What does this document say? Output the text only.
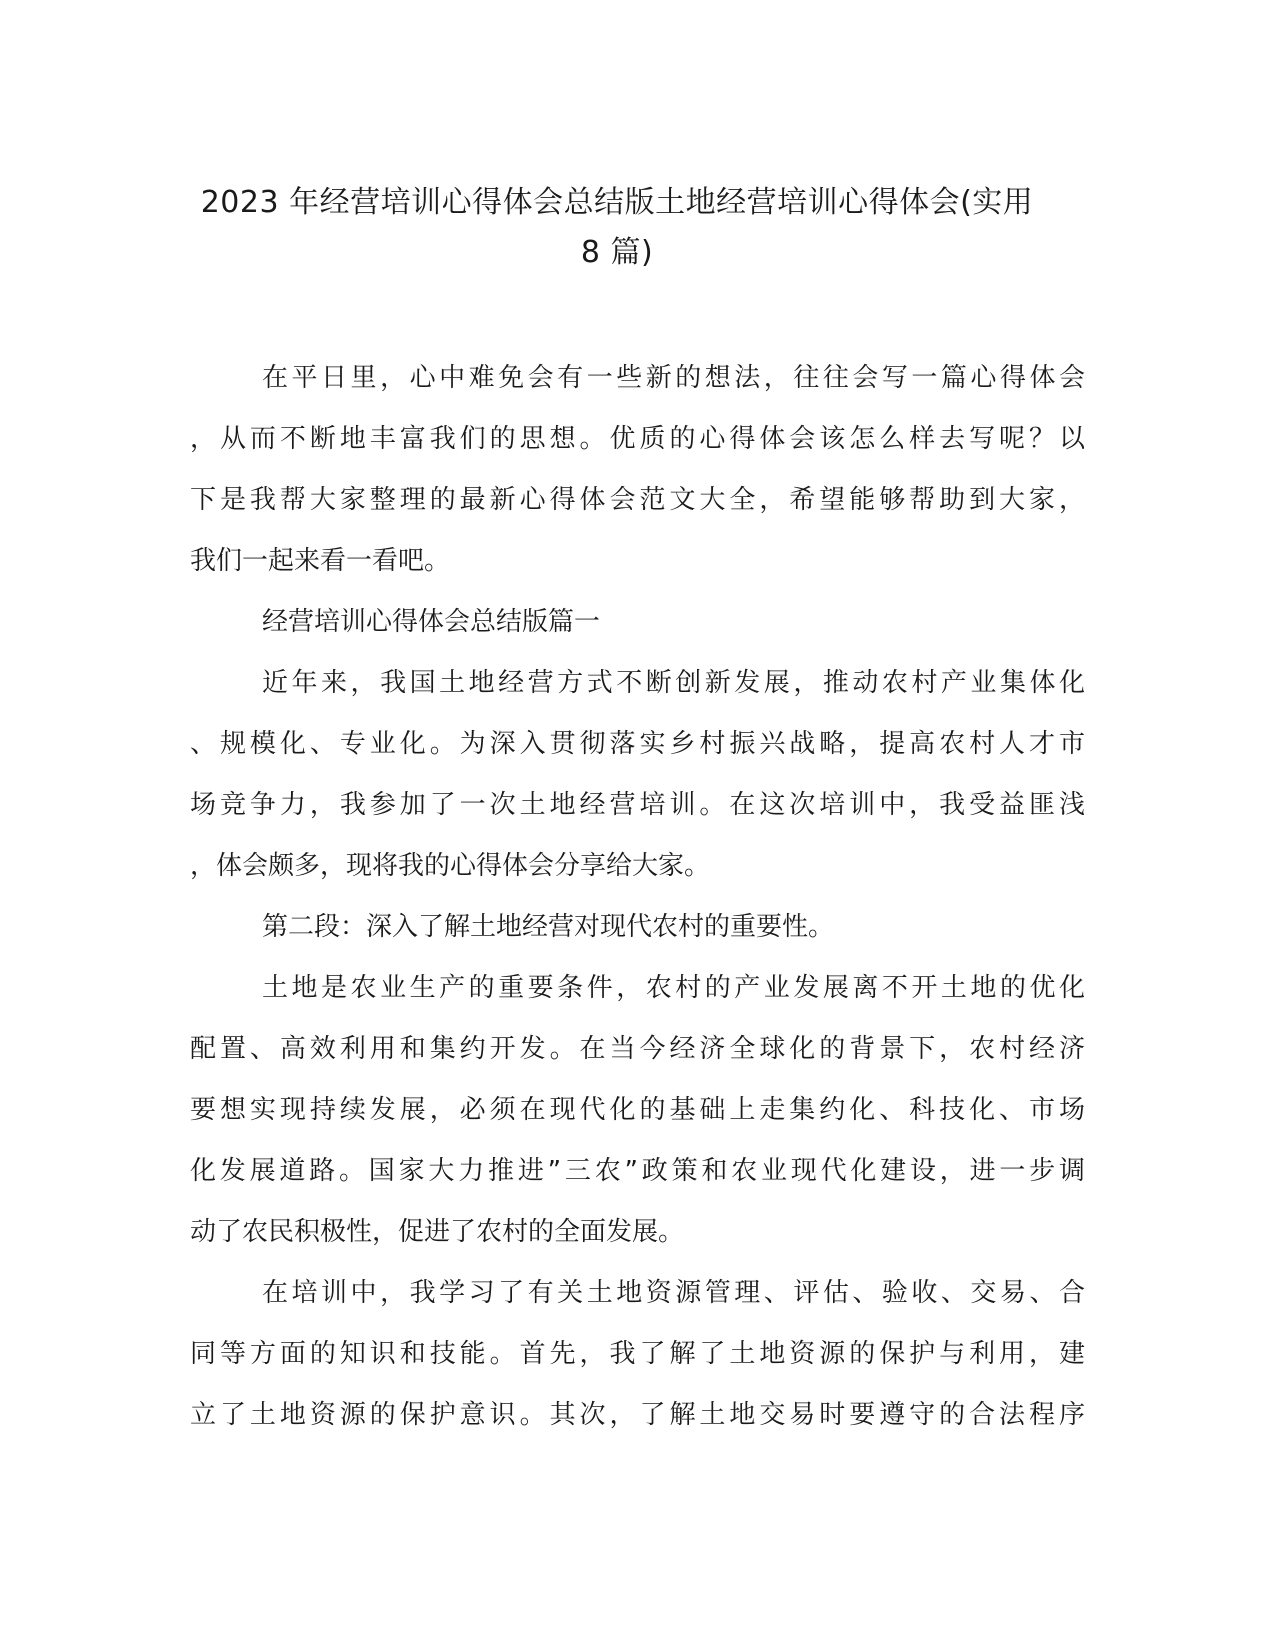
2023 年经营培训心得体会总结版土地经营培训心得体会(实用
8 篇)

在平日里，心中难免会有一些新的想法，往往会写一篇心得体会

，从而不断地丰富我们的思想。优质的心得体会该怎么样去写呢？以

下是我帮大家整理的最新心得体会范文大全，希望能够帮助到大家，

我们一起来看一看吧。

经营培训心得体会总结版篇一

近年来，我国土地经营方式不断创新发展，推动农村产业集体化

、规模化、专业化。为深入贯彻落实乡村振兴战略，提高农村人才市

场竞争力，我参加了一次土地经营培训。在这次培训中，我受益匪浅

，体会颇多，现将我的心得体会分享给大家。

第二段：深入了解土地经营对现代农村的重要性。

土地是农业生产的重要条件，农村的产业发展离不开土地的优化

配置、高效利用和集约开发。在当今经济全球化的背景下，农村经济

要想实现持续发展，必须在现代化的基础上走集约化、科技化、市场

化发展道路。国家大力推进”三农”政策和农业现代化建设，进一步调

动了农民积极性，促进了农村的全面发展。

在培训中，我学习了有关土地资源管理、评估、验收、交易、合

同等方面的知识和技能。首先，我了解了土地资源的保护与利用，建

立了土地资源的保护意识。其次，了解土地交易时要遵守的合法程序
